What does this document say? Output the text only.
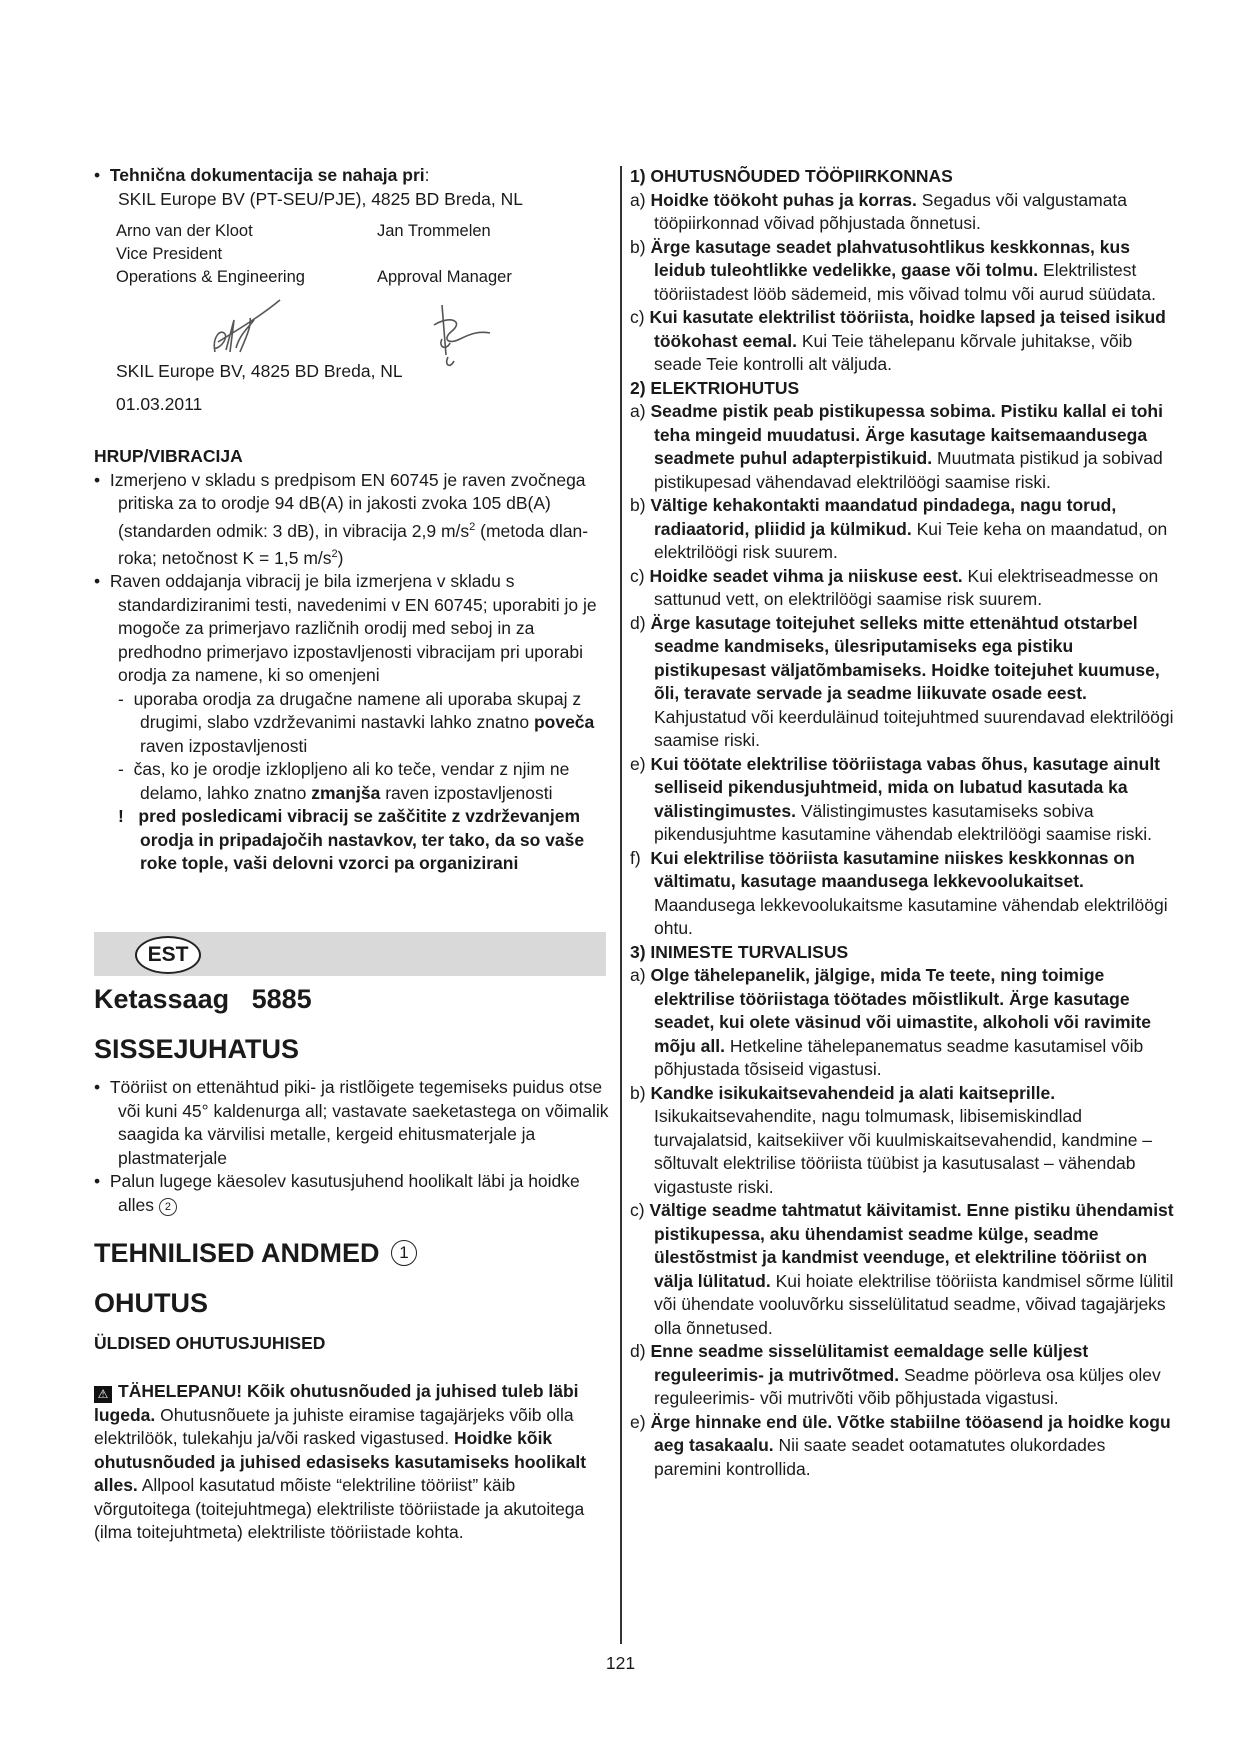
•  Tehnična dokumentacija se nahaja pri:
SKIL Europe BV (PT-SEU/PJE), 4825 BD Breda, NL
Arno van der Kloot
Vice President
Operations & Engineering
Jan Trommelen
Approval Manager
SKIL Europe BV, 4825 BD Breda, NL
01.03.2011
HRUP/VIBRACIJA
•  Izmerjeno v skladu s predpisom EN 60745 je raven zvočnega pritiska za to orodje 94 dB(A) in jakosti zvoka 105 dB(A) (standarden odmik: 3 dB), in vibracija 2,9 $m/s^2$ (metoda dlan-roka; netočnost K = 1,5 $m/s^2$)
•  Raven oddajanja vibracij je bila izmerjena v skladu s standardiziranimi testi, navedenimi v EN 60745; uporabiti jo je mogoče za primerjavo različnih orodij med seboj in za predhodno primerjavo izpostavljenosti vibracijam pri uporabi orodja za namene, ki so omenjeni
-  uporaba orodja za drugačne namene ali uporaba skupaj z drugimi, slabo vzdrževanimi nastavki lahko znatno poveča raven izpostavljenosti
-  čas, ko je orodje izklopljeno ali ko teče, vendar z njim ne delamo, lahko znatno zmanjša raven izpostavljenosti
!   pred posledicami vibracij se zaščitite z vzdrževanjem orodja in pripadajočih nastavkov, ter tako, da so vaše roke tople, vaši delovni vzorci pa organizirani
EST
Ketassaag 5885
SISSEJUHATUS
•  Tööriist on ettenähtud piki- ja ristlõigete tegemiseks puidus otse või kuni 45° kaldenurga all; vastavate saeketastega on võimalik saagida ka värvilisi metalle, kergeid ehitusmaterjale ja plastmaterjale
•  Palun lugege käesolev kasutusjuhend hoolikalt läbi ja hoidke alles 2
TEHNILISED ANDMED 1
OHUTUS
ÜLDISED OHUTUSJUHISED
⚠ TÄHELEPANU! Kõik ohutusnõuded ja juhised tuleb läbi lugeda. Ohutusnõuete ja juhiste eiramise tagajärjeks võib olla elektrilöök, tulekahju ja/või rasked vigastused. Hoidke kõik ohutusnõuded ja juhised edasiseks kasutamiseks hoolikalt alles. Allpool kasutatud mõiste “elektriline tööriist” käib võrgutoitega (toitejuhtmega) elektriliste tööriistade ja akutoitega (ilma toitejuhtmeta) elektriliste tööriistade kohta.
1) OHUTUSNÕUDED TÖÖPIIRKONNAS
a) Hoidke töökoht puhas ja korras. Segadus või valgustamata tööpiirkonnad võivad põhjustada õnnetusi.
b) Ärge kasutage seadet plahvatusohtlikus keskkonnas, kus leidub tuleohtlikke vedelikke, gaase või tolmu. Elektrilistest tööriistadest lööb sädemeid, mis võivad tolmu või aurud süüdata.
c) Kui kasutate elektrilist tööriista, hoidke lapsed ja teised isikud töökohast eemal. Kui Teie tähelepanu kõrvale juhitakse, võib seade Teie kontrolli alt väljuda.
2) ELEKTRIOHUTUS
a) Seadme pistik peab pistikupessa sobima. Pistiku kallal ei tohi teha mingeid muudatusi. Ärge kasutage kaitsemaandusega seadmete puhul adapterpistikuid. Muutmata pistikud ja sobivad pistikupesad vähendavad elektrilöögi saamise riski.
b) Vältige kehakontakti maandatud pindadega, nagu torud, radiaatorid, pliidid ja külmikud. Kui Teie keha on maandatud, on elektrilöögi risk suurem.
c) Hoidke seadet vihma ja niiskuse eest. Kui elektriseadmesse on sattunud vett, on elektrilöögi saamise risk suurem.
d) Ärge kasutage toitejuhet selleks mitte ettenähtud otstarbel seadme kandmiseks, ülesriputamiseks ega pistiku pistikupesast väljatõmbamiseks. Hoidke toitejuhet kuumuse, õli, teravate servade ja seadme liikuvate osade eest. Kahjustatud või keerduläinud toitejuhtmed suurendavad elektrilöögi saamise riski.
e) Kui töötate elektrilise tööriistaga vabas õhus, kasutage ainult selliseid pikendusjuhtmeid, mida on lubatud kasutada ka välistingimustes. Välistingimustes kasutamiseks sobiva pikendusjuhtme kasutamine vähendab elektrilöögi saamise riski.
f)  Kui elektrilise tööriista kasutamine niiskes keskkonnas on vältimatu, kasutage maandusega lekkevoolukaitset. Maandusega lekkevoolukaitsme kasutamine vähendab elektrilöögi ohtu.
3) INIMESTE TURVALISUS
a) Olge tähelepanelik, jälgige, mida Te teete, ning toimige elektrilise tööriistaga töötades mõistlikult. Ärge kasutage seadet, kui olete väsinud või uimastite, alkoholi või ravimite mõju all. Hetkeline tähelepanematus seadme kasutamisel võib põhjustada tõsiseid vigastusi.
b) Kandke isikukaitsevahendeid ja alati kaitseprille. Isikukaitsevahendite, nagu tolmumask, libisemiskindlad turvajalatsid, kaitsekiiver või kuulmiskaitsevahendid, kandmine – sõltuvalt elektrilise tööriista tüübist ja kasutusalast – vähendab vigastuste riski.
c) Vältige seadme tahtmatut käivitamist. Enne pistiku ühendamist pistikupessa, aku ühendamist seadme külge, seadme ülestõstmist ja kandmist veenduge, et elektriline tööriist on välja lülitatud. Kui hoiate elektrilise tööriista kandmisel sõrme lülitil või ühendate vooluvõrku sisselülitatud seadme, võivad tagajärjeks olla õnnetused.
d) Enne seadme sisselülitamist eemaldage selle küljest reguleerimis- ja mutrivõtmed. Seadme pöörleva osa küljes olev reguleerimis- või mutrivõti võib põhjustada vigastusi.
e) Ärge hinnake end üle. Võtke stabiilne tööasend ja hoidke kogu aeg tasakaalu. Nii saate seadet ootamatutes olukordades paremini kontrollida.
121
